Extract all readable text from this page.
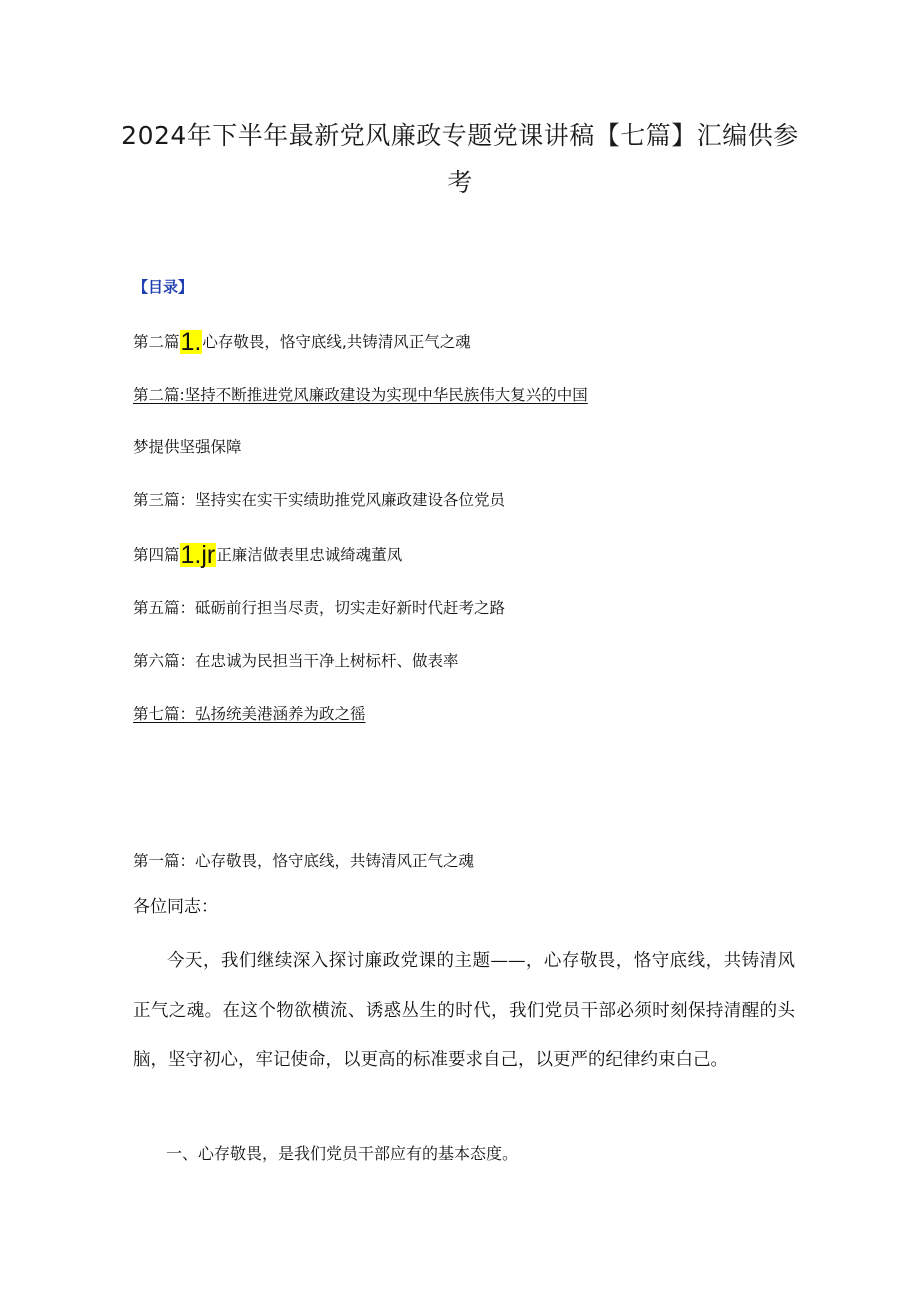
2024年下半年最新党风廉政专题党课讲稿【七篇】汇编供参考
【目录】
第二篇1.心存敬畏，恪守底线,共铸清风正气之魂
第二篇:坚持不断推进党风廉政建设为实现中华民族伟大复兴的中国
梦提供坚强保障
第三篇：坚持实在实干实绩助推党风廉政建设各位党员
第四篇1.jr正廉洁做表里忠诚绮魂董凤
第五篇：砥砺前行担当尽责，切实走好新时代赶考之路
第六篇：在忠诚为民担当干净上树标杆、做表率
第七篇：弘扬统美港涵养为政之徭
第一篇：心存敬畏，恪守底线，共铸清风正气之魂
各位同志：
今天，我们继续深入探讨廉政党课的主题——，心存敬畏，恪守底线，共铸清风正气之魂。在这个物欲横流、诱惑丛生的时代，我们党员干部必须时刻保持清醒的头脑，坚守初心，牢记使命，以更高的标准要求自己，以更严的纪律约束白己。
一、心存敬畏，是我们党员干部应有的基本态度。
